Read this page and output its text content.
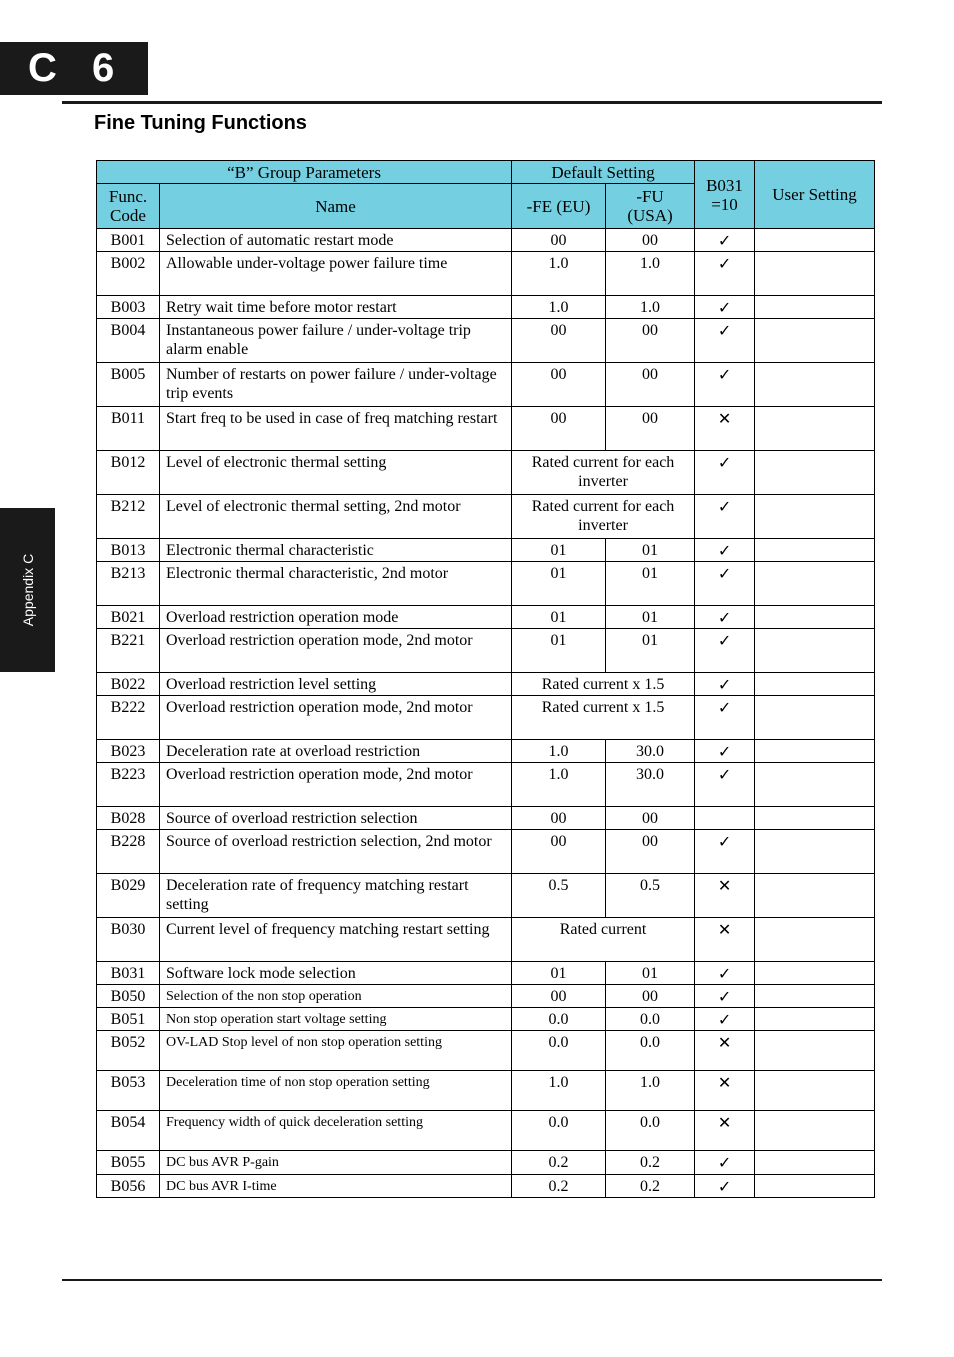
C 6
Fine Tuning Functions
Appendix C
“B” Group Parameters		Default Setting		B031 =10	User Setting
Func. Code	Name	-FE (EU)	-FU (USA)		
B001	Selection of automatic restart mode	00	00	✓	
B002	Allowable under-voltage power failure time	1.0	1.0	✓	
B003	Retry wait time before motor restart	1.0	1.0	✓	
B004	Instantaneous power failure / under-voltage trip alarm enable	00	00	✓	
B005	Number of restarts on power failure / under-voltage trip events	00	00	✓	
B011	Start freq to be used in case of freq matching restart	00	00	✕	
B012	Level of electronic thermal setting	Rated current for each inverter		✓	
B212	Level of electronic thermal setting, 2nd motor	Rated current for each inverter		✓	
B013	Electronic thermal characteristic	01	01	✓	
B213	Electronic thermal characteristic, 2nd motor	01	01	✓	
B021	Overload restriction operation mode	01	01	✓	
B221	Overload restriction operation mode, 2nd motor	01	01	✓	
B022	Overload restriction level setting	Rated current x 1.5		✓	
B222	Overload restriction operation mode, 2nd motor	Rated current x 1.5		✓	
B023	Deceleration rate at overload restriction	1.0	30.0	✓	
B223	Overload restriction operation mode, 2nd motor	1.0	30.0	✓	
B028	Source of overload restriction selection	00	00		
B228	Source of overload restriction selection, 2nd motor	00	00	✓	
B029	Deceleration rate of frequency matching restart setting	0.5	0.5	✕	
B030	Current level of frequency matching restart setting	Rated current		✕	
B031	Software lock mode selection	01	01	✓	
B050	Selection of the non stop operation	00	00	✓	
B051	Non stop operation start voltage setting	0.0	0.0	✓	
B052	OV-LAD Stop level of non stop operation setting	0.0	0.0	✕	
B053	Deceleration time of non stop operation setting	1.0	1.0	✕	
B054	Frequency width of quick deceleration setting	0.0	0.0	✕	
B055	DC bus AVR P-gain	0.2	0.2	✓	
B056	DC bus AVR I-time	0.2	0.2	✓	
